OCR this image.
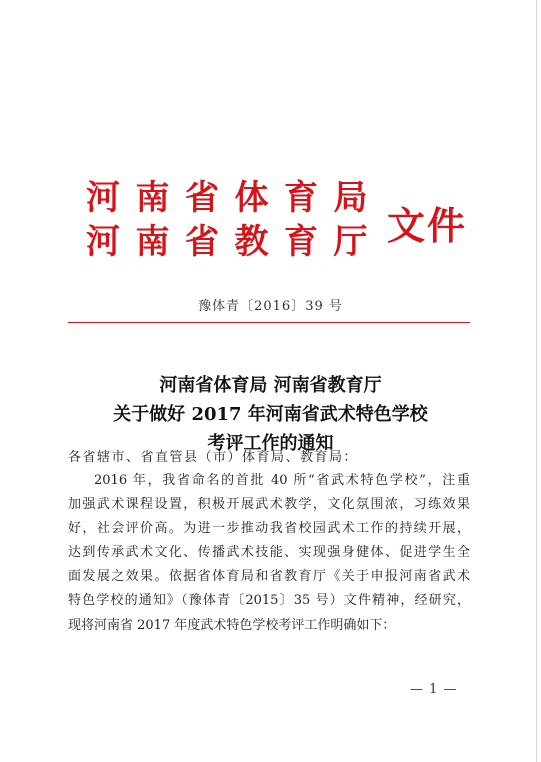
河南省体育局
河南省教育厅 文件
豫体青〔2016〕39 号
河南省体育局 河南省教育厅
关于做好 2017 年河南省武术特色学校
考评工作的通知
各省辖市、省直管县（市）体育局、教育局：
2016 年，我省命名的首批 40 所“省武术特色学校”，注重
加强武术课程设置，积极开展武术教学，文化氛围浓，习练效果
好，社会评价高。为进一步推动我省校园武术工作的持续开展，
达到传承武术文化、传播武术技能、实现强身健体、促进学生全
面发展之效果。依据省体育局和省教育厅《关于申报河南省武术
特色学校的通知》（豫体青〔2015〕35 号）文件精神，经研究，
现将河南省 2017 年度武术特色学校考评工作明确如下：
— 1 —
